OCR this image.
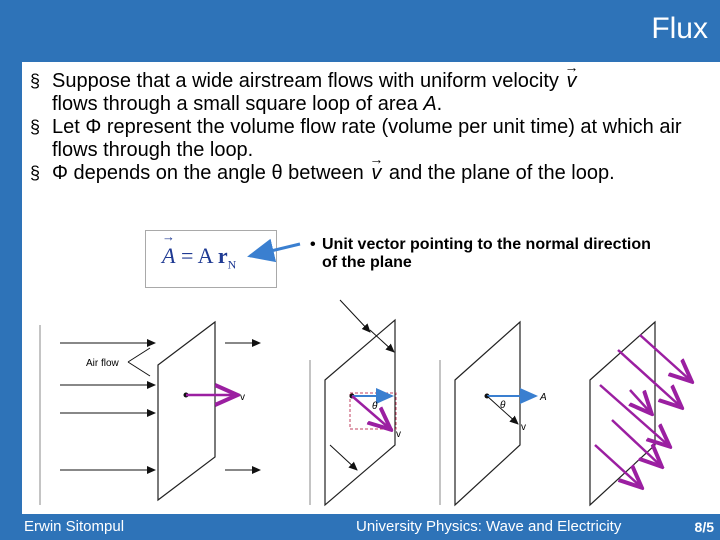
Flux

§ Suppose that a wide airstream flows with uniform velocity v →
flows through a small square loop of area A.

§ Let Φ represent the volume flow rate (volume per unit time) at which air flows through the loop.

§ Φ depends on the angle θ between v → and the plane of the loop.

A → = A $r_N$
• Unit vector pointing to the normal direction of the plane
Air flow
v
θ
v
A
θ
v
Erwin Sitompul	University Physics: Wave and Electricity	8/5
